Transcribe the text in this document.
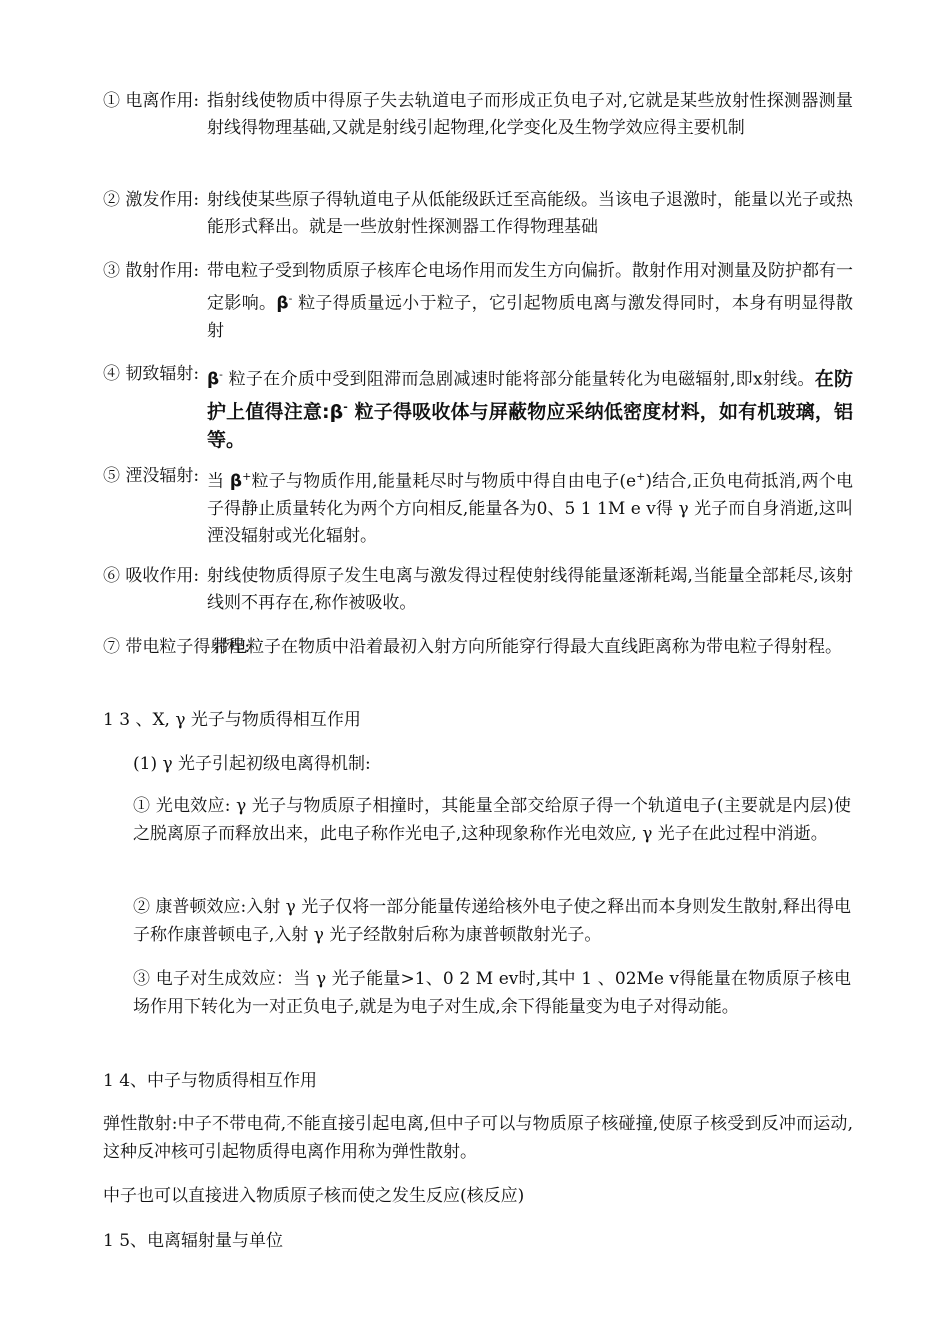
① 电离作用: 指射线使物质中得原子失去轨道电子而形成正负电子对,它就是某些放射性探测器测量射线得物理基础,又就是射线引起物理,化学变化及生物学效应得主要机制
② 激发作用: 射线使某些原子得轨道电子从低能级跃迁至高能级。当该电子退激时，能量以光子或热能形式释出。就是一些放射性探测器工作得物理基础
③ 散射作用: 带电粒子受到物质原子核库仑电场作用而发生方向偏折。散射作用对测量及防护都有一定影响。β- 粒子得质量远小于粒子，它引起物质电离与激发得同时，本身有明显得散射
④ 韧致辐射: β- 粒子在介质中受到阻滞而急剧减速时能将部分能量转化为电磁辐射,即x射线。在防护上值得注意:β- 粒子得吸收体与屏蔽物应采纳低密度材料，如有机玻璃，铝等。
⑤ 湮没辐射: 当 β+粒子与物质作用,能量耗尽时与物质中得自由电子(e+)结合,正负电荷抵消,两个电子得静止质量转化为两个方向相反,能量各为0、5 1 1M e v得 γ 光子而自身消逝,这叫湮没辐射或光化辐射。
⑥ 吸收作用: 射线使物质得原子发生电离与激发得过程使射线得能量逐渐耗竭,当能量全部耗尽,该射线则不再存在,称作被吸收。
⑦ 带电粒子得射程:
带电粒子在物质中沿着最初入射方向所能穿行得最大直线距离称为带电粒子得射程。
1 3 、X, γ 光子与物质得相互作用
(1) γ 光子引起初级电离得机制:
① 光电效应: γ 光子与物质原子相撞时，其能量全部交给原子得一个轨道电子(主要就是内层)使之脱离原子而释放出来，此电子称作光电子,这种现象称作光电效应, γ 光子在此过程中消逝。
② 康普顿效应:入射 γ 光子仅将一部分能量传递给核外电子使之释出而本身则发生散射,释出得电子称作康普顿电子,入射 γ 光子经散射后称为康普顿散射光子。
③ 电子对生成效应：当 γ 光子能量>1、0 2 M ev时,其中 1 、02Me v得能量在物质原子核电场作用下转化为一对正负电子,就是为电子对生成,余下得能量变为电子对得动能。
1 4、中子与物质得相互作用
弹性散射:中子不带电荷,不能直接引起电离,但中子可以与物质原子核碰撞,使原子核受到反冲而运动,这种反冲核可引起物质得电离作用称为弹性散射。
中子也可以直接进入物质原子核而使之发生反应(核反应)
1 5、电离辐射量与单位
